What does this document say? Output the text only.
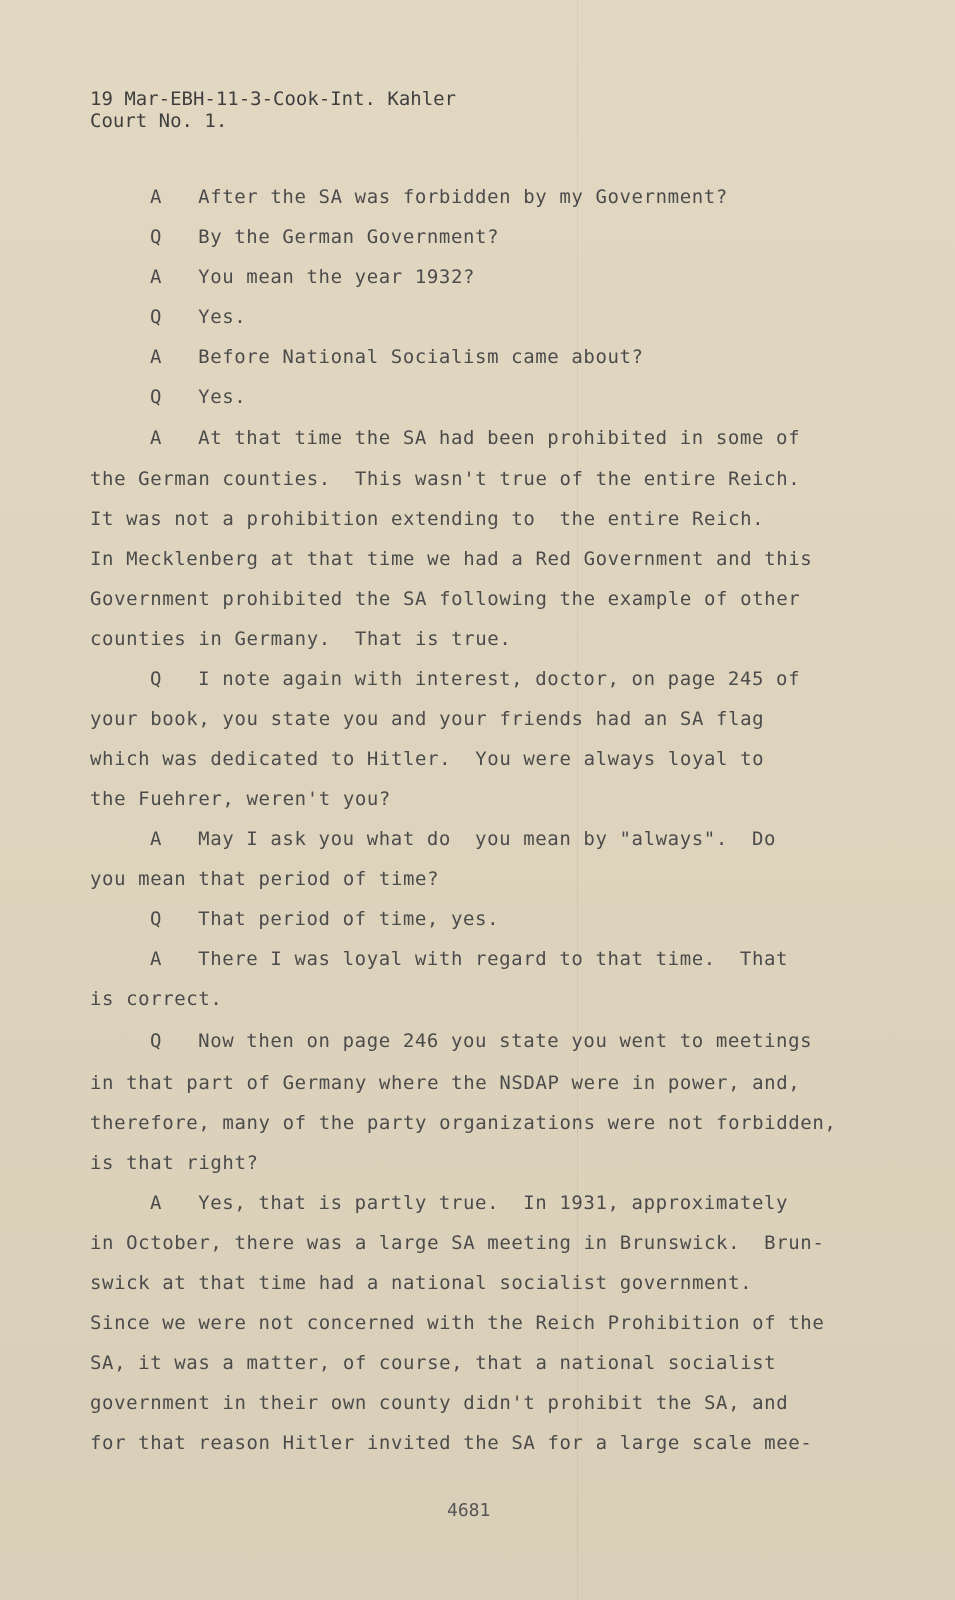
19 Mar-EBH-11-3-Cook-Int. Kahler
Court No. 1.
A   After the SA was forbidden by my Government?
Q   By the German Government?
A   You mean the year 1932?
Q   Yes.
A   Before National Socialism came about?
Q   Yes.
A   At that time the SA had been prohibited in some of
the German counties.  This wasn't true of the entire Reich.
It was not a prohibition extending to  the entire Reich.
In Mecklenberg at that time we had a Red Government and this
Government prohibited the SA following the example of other
counties in Germany.  That is true.
Q   I note again with interest, doctor, on page 245 of
your book, you state you and your friends had an SA flag
which was dedicated to Hitler.  You were always loyal to
the Fuehrer, weren't you?
A   May I ask you what do  you mean by "always".  Do
you mean that period of time?
Q   That period of time, yes.
A   There I was loyal with regard to that time.  That
is correct.
Q   Now then on page 246 you state you went to meetings
in that part of Germany where the NSDAP were in power, and,
therefore, many of the party organizations were not forbidden,
is that right?
A   Yes, that is partly true.  In 1931, approximately
in October, there was a large SA meeting in Brunswick.  Brun-
swick at that time had a national socialist government.
Since we were not concerned with the Reich Prohibition of the
SA, it was a matter, of course, that a national socialist
government in their own county didn't prohibit the SA, and
for that reason Hitler invited the SA for a large scale mee-
4681
